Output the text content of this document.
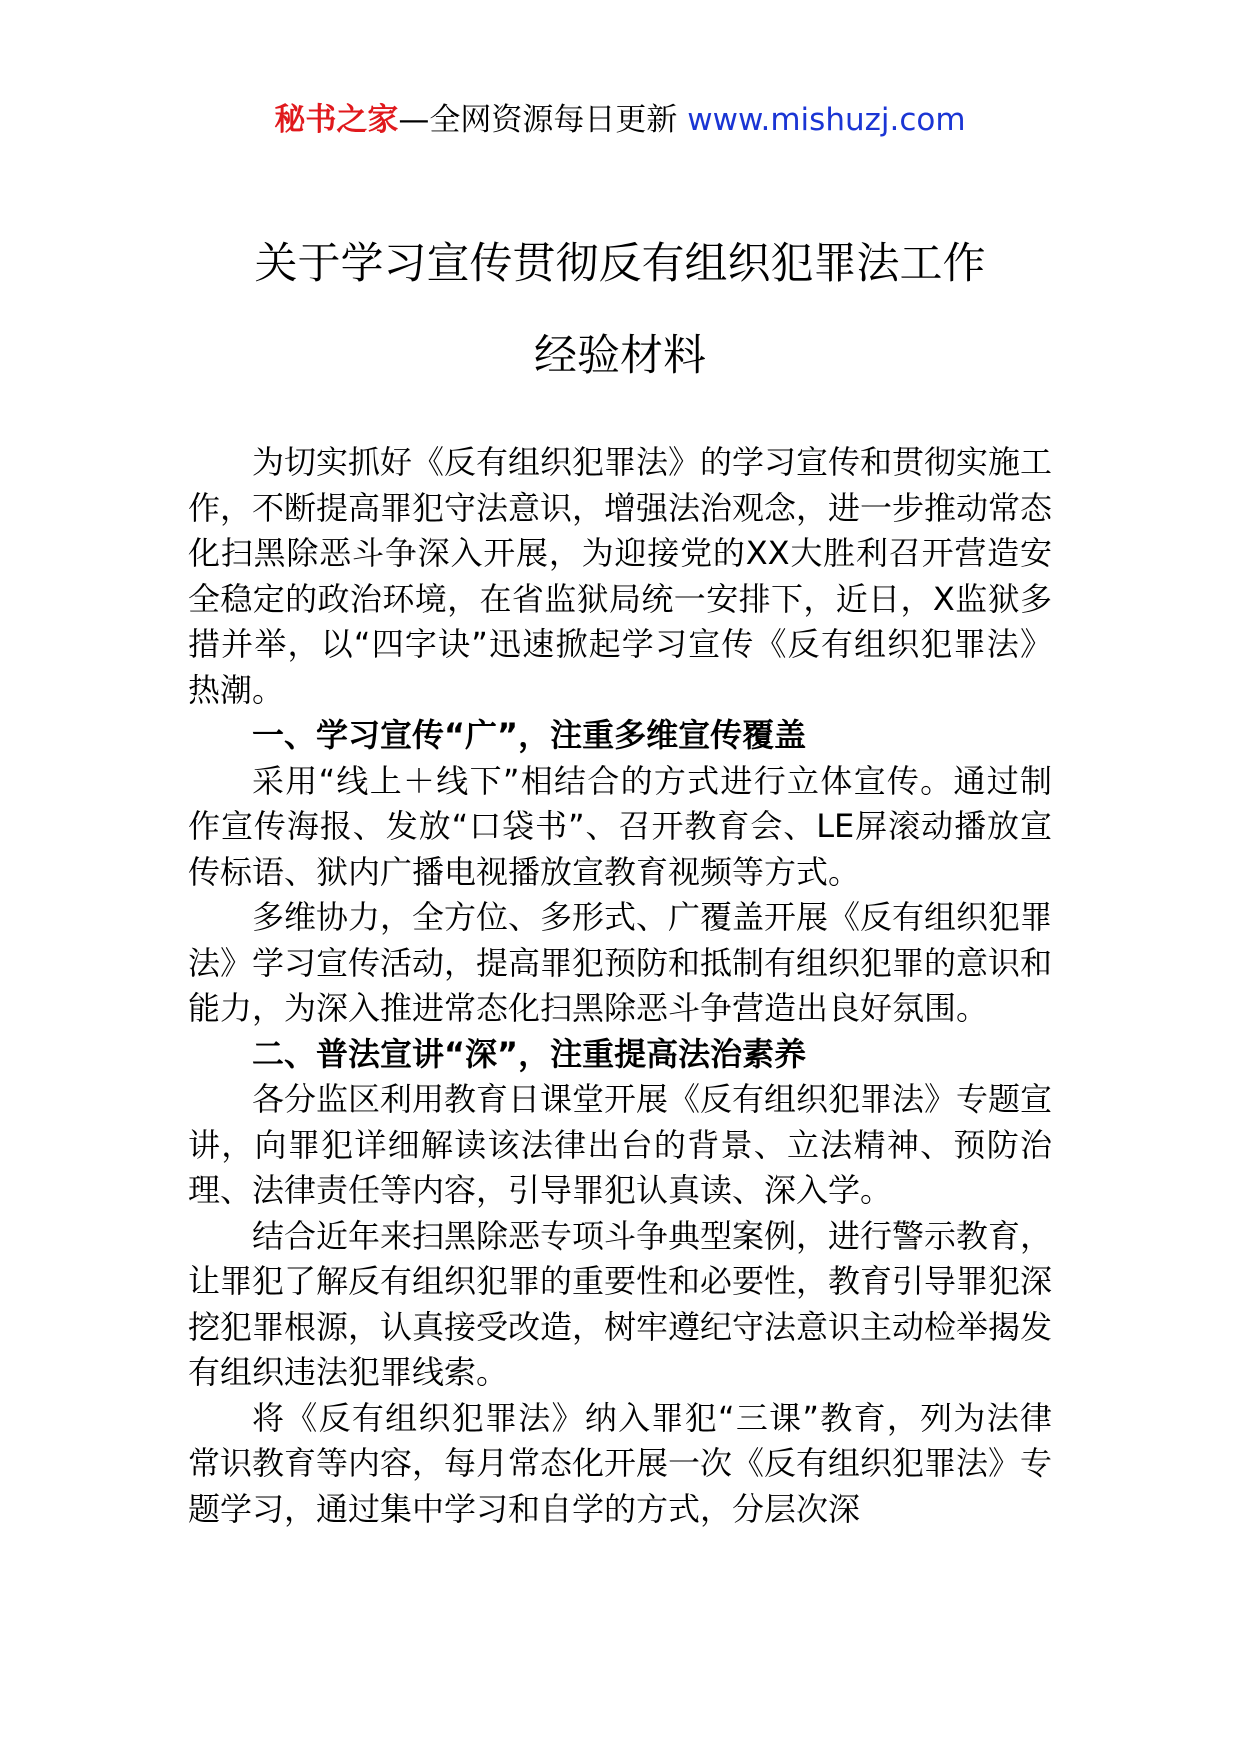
秘书之家—全网资源每日更新 www.mishuzj.com
关于学习宣传贯彻反有组织犯罪法工作
经验材料

为切实抓好《反有组织犯罪法》的学习宣传和贯彻实施工作，不断提高罪犯守法意识，增强法治观念，进一步推动常态化扫黑除恶斗争深入开展，为迎接党的XX大胜利召开营造安全稳定的政治环境，在省监狱局统一安排下，近日，X监狱多措并举，以“四字诀”迅速掀起学习宣传《反有组织犯罪法》热潮。

一、学习宣传“广”，注重多维宣传覆盖

采用“线上＋线下”相结合的方式进行立体宣传。通过制作宣传海报、发放“口袋书”、召开教育会、LE屏滚动播放宣传标语、狱内广播电视播放宣教育视频等方式。

多维协力，全方位、多形式、广覆盖开展《反有组织犯罪法》学习宣传活动，提高罪犯预防和抵制有组织犯罪的意识和能力，为深入推进常态化扫黑除恶斗争营造出良好氛围。

二、普法宣讲“深”，注重提高法治素养

各分监区利用教育日课堂开展《反有组织犯罪法》专题宣讲，向罪犯详细解读该法律出台的背景、立法精神、预防治理、法律责任等内容，引导罪犯认真读、深入学。

结合近年来扫黑除恶专项斗争典型案例，进行警示教育，让罪犯了解反有组织犯罪的重要性和必要性，教育引导罪犯深挖犯罪根源，认真接受改造，树牢遵纪守法意识主动检举揭发有组织违法犯罪线索。

将《反有组织犯罪法》纳入罪犯“三课”教育，列为法律常识教育等内容，每月常态化开展一次《反有组织犯罪法》专题学习，通过集中学习和自学的方式，分层次深
